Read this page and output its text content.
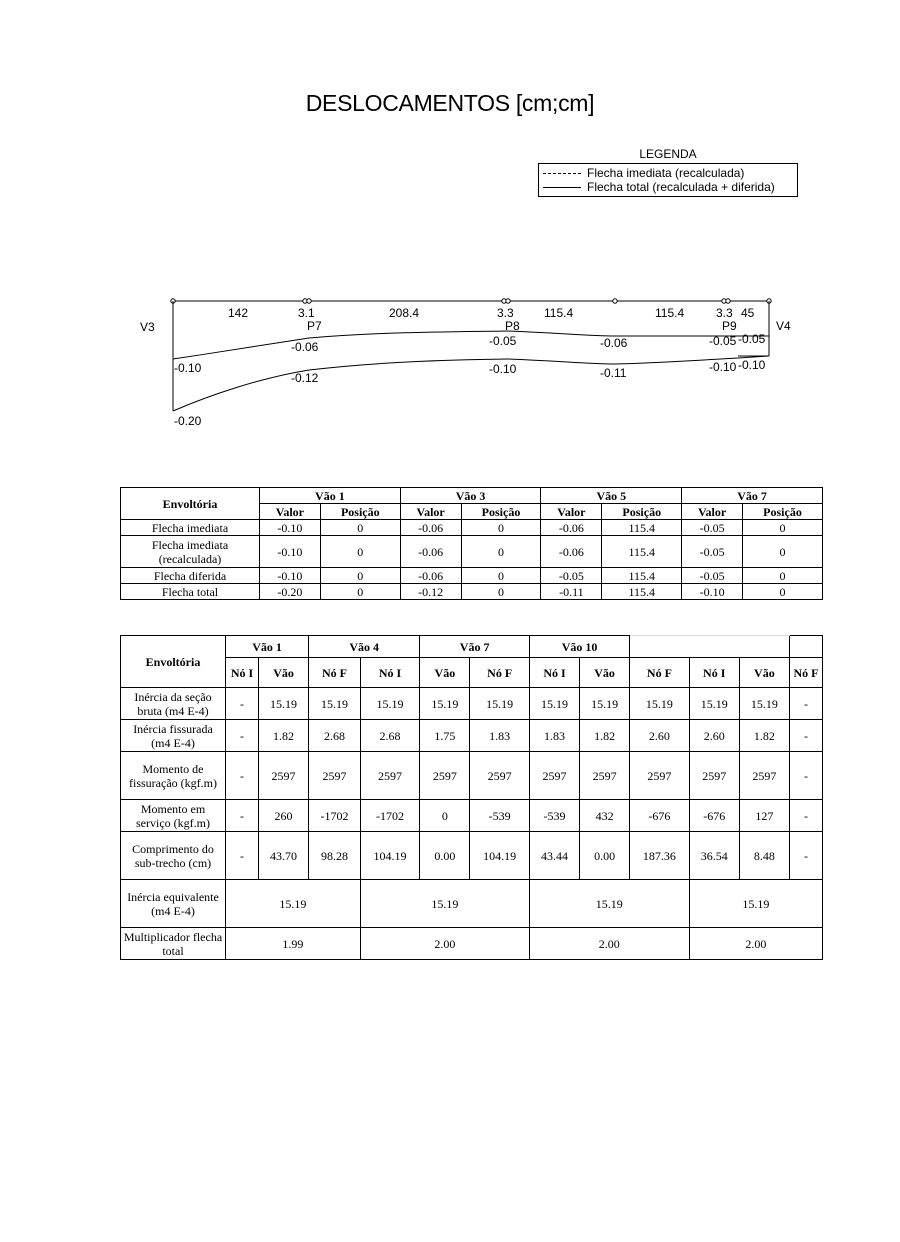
DESLOCAMENTOS [cm;cm]
LEGENDA
Flecha imediata (recalculada)
Flecha total (recalculada + diferida)
V3	P7	P8	P9	V4
142	3.1	208.4	3.3	115.4	115.4	3.3 45
-0.10
-0.20
-0.06
-0.12
-0.05
-0.10
-0.06
-0.11
-0.05 -0.05
-0.10 -0.10
Envoltória	Vão 1		Vão 3		Vão 5		Vão 7	
	Valor	Posição	Valor	Posição	Valor	Posição	Valor	Posição
Flecha imediata	-0.10	0	-0.06	0	-0.06	115.4	-0.05	0
Flecha imediata (recalculada)	-0.10	0	-0.06	0	-0.06	115.4	-0.05	0
Flecha diferida	-0.10	0	-0.06	0	-0.05	115.4	-0.05	0
Flecha total	-0.20	0	-0.12	0	-0.11	115.4	-0.10	0
Envoltória	Vão 1		Vão 4		Vão 7		Vão 10					
	Nó I	Vão	Nó F	Nó I	Vão	Nó F	Nó I	Vão	Nó F	Nó I	Vão	Nó F
Inércia da seção bruta (m4 E-4)	-	15.19	15.19	15.19	15.19	15.19	15.19	15.19	15.19	15.19	15.19	-
Inércia fissurada (m4 E-4)	-	1.82	2.68	2.68	1.75	1.83	1.83	1.82	2.60	2.60	1.82	-
Momento de fissuração (kgf.m)	-	2597	2597	2597	2597	2597	2597	2597	2597	2597	2597	-
Momento em serviço (kgf.m)	-	260	-1702	-1702	0	-539	-539	432	-676	-676	127	-
Comprimento do sub-trecho (cm)	-	43.70	98.28	104.19	0.00	104.19	43.44	0.00	187.36	36.54	8.48	-
Inércia equivalente (m4 E-4)	15.19			15.19			15.19			15.19		
Multiplicador flecha total	1.99			2.00			2.00			2.00		
